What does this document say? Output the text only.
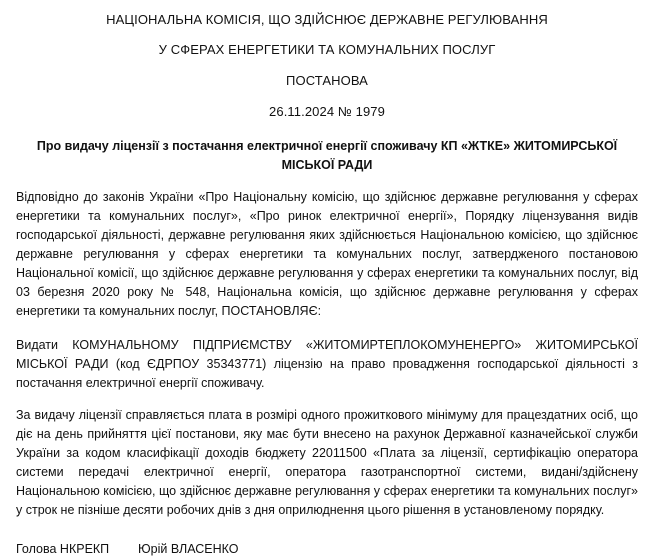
НАЦІОНАЛЬНА КОМІСІЯ, ЩО ЗДІЙСНЮЄ ДЕРЖАВНЕ РЕГУЛЮВАННЯ
У СФЕРАХ ЕНЕРГЕТИКИ ТА КОМУНАЛЬНИХ ПОСЛУГ
ПОСТАНОВА
26.11.2024 № 1979
Про видачу ліцензії з постачання електричної енергії споживачу КП «ЖТКЕ» ЖИТОМИРСЬКОЇ МІСЬКОЇ РАДИ
Відповідно до законів України «Про Національну комісію, що здійснює державне регулювання у сферах енергетики та комунальних послуг», «Про ринок електричної енергії», Порядку ліцензування видів господарської діяльності, державне регулювання яких здійснюється Національною комісією, що здійснює державне регулювання у сферах енергетики та комунальних послуг, затвердженого постановою Національної комісії, що здійснює державне регулювання у сферах енергетики та комунальних послуг, від 03 березня 2020 року № 548, Національна комісія, що здійснює державне регулювання у сферах енергетики та комунальних послуг, ПОСТАНОВЛЯЄ:
Видати КОМУНАЛЬНОМУ ПІДПРИЄМСТВУ «ЖИТОМИРТЕПЛОКОМУНЕНЕРГО» ЖИТОМИРСЬКОЇ МІСЬКОЇ РАДИ (код ЄДРПОУ 35343771) ліцензію на право провадження господарської діяльності з постачання електричної енергії споживачу.
За видачу ліцензії справляється плата в розмірі одного прожиткового мінімуму для працездатних осіб, що діє на день прийняття цієї постанови, яку має бути внесено на рахунок Державної казначейської служби України за кодом класифікації доходів бюджету 22011500 «Плата за ліцензії, сертифікацію оператора системи передачі електричної енергії, оператора газотранспортної системи, видані/здійснену Національною комісією, що здійснює державне регулювання у сферах енергетики та комунальних послуг» у строк не пізніше десяти робочих днів з дня оприлюднення цього рішення в установленому порядку.
Голова НКРЕКП Юрій ВЛАСЕНКО
